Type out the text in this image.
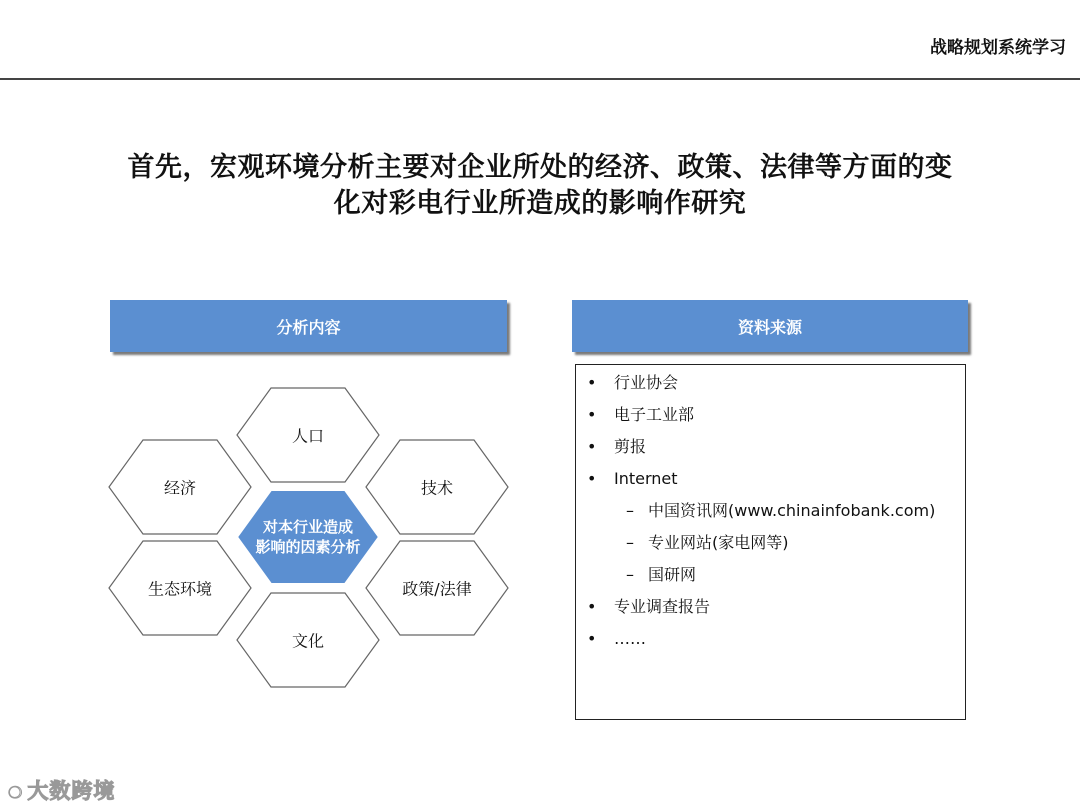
战略规划系统学习
首先，宏观环境分析主要对企业所处的经济、政策、法律等方面的变
化对彩电行业所造成的影响作研究
分析内容	资料来源
人口
经济	技术
对本行业造成
影响的因素分析
生态环境	政策/法律
文化
• 行业协会
• 电子工业部
• 剪报
• Internet
– 中国资讯网(www.chinainfobank.com)
– 专业网站(家电网等)
– 国研网
• 专业调查报告
• ……
❍ 大数跨境
